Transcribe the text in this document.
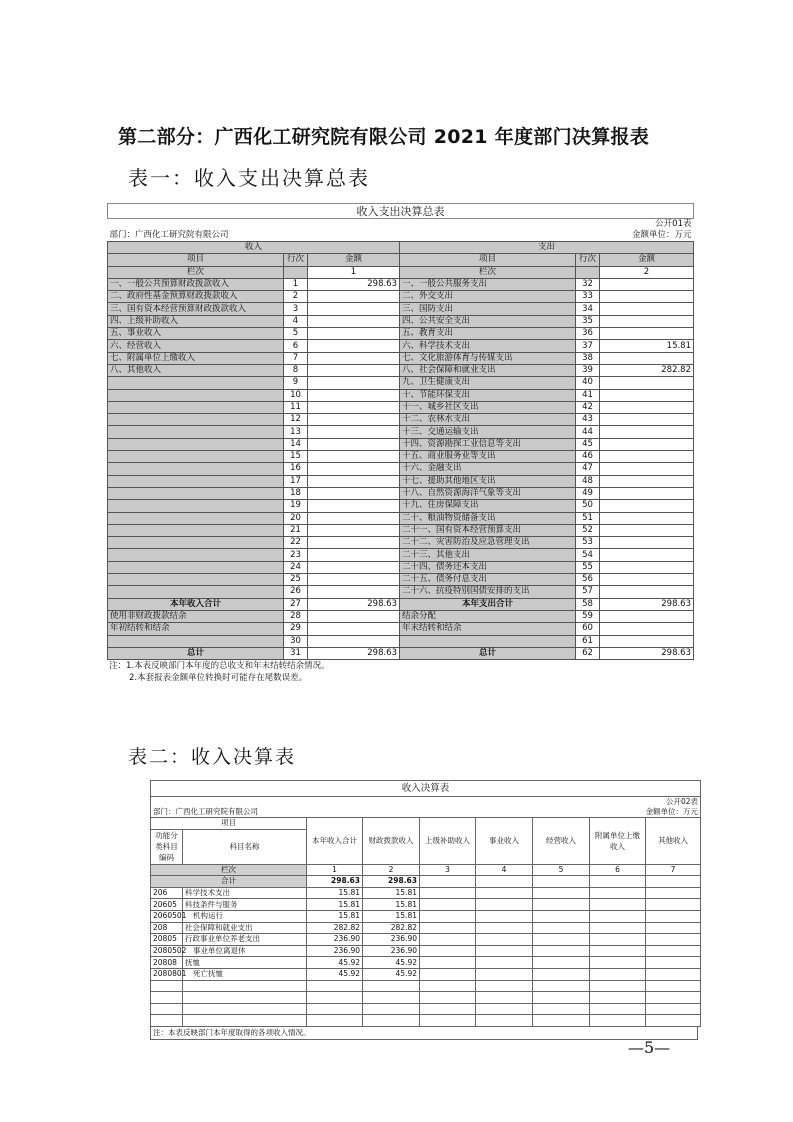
第二部分：广西化工研究院有限公司 2021 年度部门决算报表
表一：收入支出决算总表
收入支出决算总表					
公开01表					
部门：广西化工研究院有限公司			金额单位：万元		
收入			支出		
项目	行次	金额	项目	行次	金额
栏次		1	栏次		2
一、一般公共预算财政拨款收入	1	298.63	一、一般公共服务支出	32	
二、政府性基金预算财政拨款收入	2		二、外交支出	33	
三、国有资本经营预算财政拨款收入	3		三、国防支出	34	
四、上级补助收入	4		四、公共安全支出	35	
五、事业收入	5		五、教育支出	36	
六、经营收入	6		六、科学技术支出	37	15.81
七、附属单位上缴收入	7		七、文化旅游体育与传媒支出	38	
八、其他收入	8		八、社会保障和就业支出	39	282.82
	9		九、卫生健康支出	40	
	10		十、节能环保支出	41	
	11		十一、城乡社区支出	42	
	12		十二、农林水支出	43	
	13		十三、交通运输支出	44	
	14		十四、资源勘探工业信息等支出	45	
	15		十五、商业服务业等支出	46	
	16		十六、金融支出	47	
	17		十七、援助其他地区支出	48	
	18		十八、自然资源海洋气象等支出	49	
	19		十九、住房保障支出	50	
	20		二十、粮油物资储备支出	51	
	21		二十一、国有资本经营预算支出	52	
	22		二十二、灾害防治及应急管理支出	53	
	23		二十三、其他支出	54	
	24		二十四、债务还本支出	55	
	25		二十五、债务付息支出	56	
	26		二十六、抗疫特别国债安排的支出	57	
本年收入合计	27	298.63	本年支出合计	58	298.63
使用非财政拨款结余	28		结余分配	59	
年初结转和结余	29		年末结转和结余	60	
	30			61	
总计	31	298.63	总计	62	298.63
注：1.本表反映部门本年度的总收支和年末结转结余情况。
2.本套报表金额单位转换时可能存在尾数误差。
表二：收入决算表
收入决算表								
公开02表								
部门：广西化工研究院有限公司					金额单位：万元			
项目		本年收入合计	财政拨款收入	上级补助收入	事业收入	经营收入	附属单位上缴收入	其他收入
功能分类科目编码	科目名称							

栏次		1	2	3	4	5	6	7
合计		298.63	298.63					
206	科学技术支出	15.81	15.81					
20605	科技条件与服务	15.81	15.81					
2060501	机构运行	15.81	15.81					
208	社会保障和就业支出	282.82	282.82					
20805	行政事业单位养老支出	236.90	236.90					
2080502	事业单位离退休	236.90	236.90					
20808	抚恤	45.92	45.92					
2080801	死亡抚恤	45.92	45.92					

注：本表反映部门本年度取得的各项收入情况。
—5—
